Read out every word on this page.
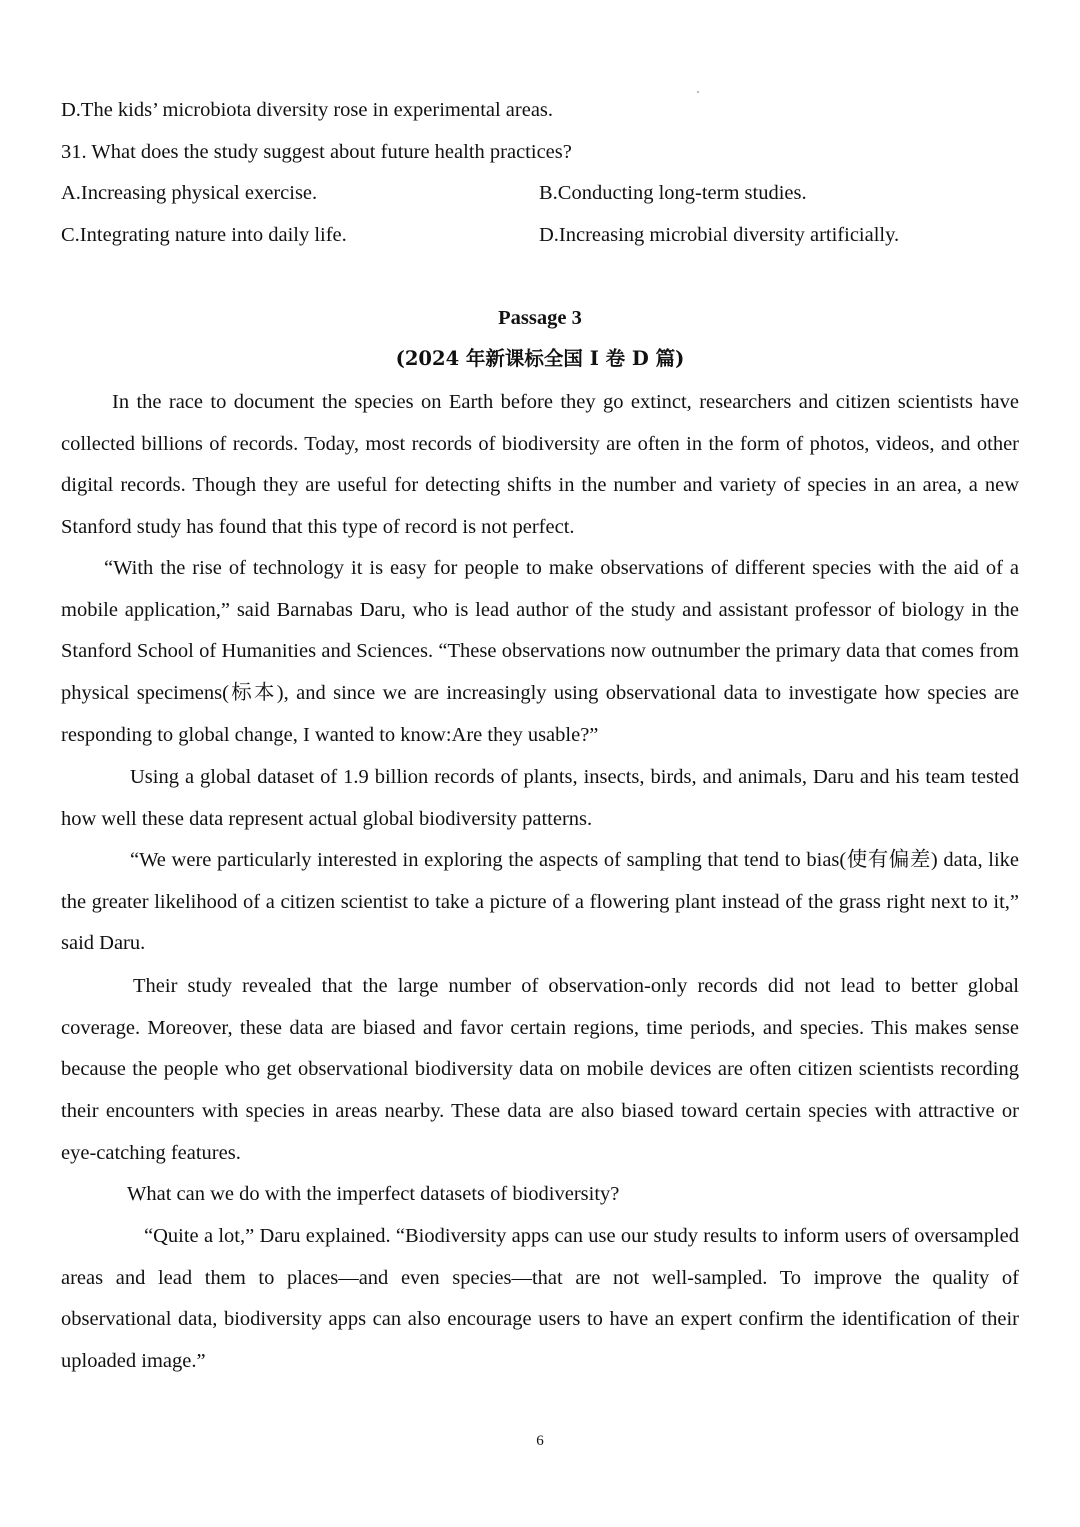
D.The kids’ microbiota diversity rose in experimental areas.
31. What does the study suggest about future health practices?
A.Increasing physical exercise.	B.Conducting long-term studies.
C.Integrating nature into daily life.	D.Increasing microbial diversity artificially.
Passage 3
(2024 年新课标全国 I 卷 D 篇)
In the race to document the species on Earth before they go extinct, researchers and citizen scientists have collected billions of records. Today, most records of biodiversity are often in the form of photos, videos, and other digital records. Though they are useful for detecting shifts in the number and variety of species in an area, a new Stanford study has found that this type of record is not perfect.
“With the rise of technology it is easy for people to make observations of different species with the aid of a mobile application,” said Barnabas Daru, who is lead author of the study and assistant professor of biology in the Stanford School of Humanities and Sciences. “These observations now outnumber the primary data that comes from physical specimens(标本), and since we are increasingly using observational data to investigate how species are responding to global change, I wanted to know:Are they usable?”
Using a global dataset of 1.9 billion records of plants, insects, birds, and animals, Daru and his team tested how well these data represent actual global biodiversity patterns.
“We were particularly interested in exploring the aspects of sampling that tend to bias(使有偏差) data, like the greater likelihood of a citizen scientist to take a picture of a flowering plant instead of the grass right next to it,” said Daru.
Their study revealed that the large number of observation-only records did not lead to better global coverage. Moreover, these data are biased and favor certain regions, time periods, and species. This makes sense because the people who get observational biodiversity data on mobile devices are often citizen scientists recording their encounters with species in areas nearby. These data are also biased toward certain species with attractive or eye-catching features.
What can we do with the imperfect datasets of biodiversity?
“Quite a lot,” Daru explained. “Biodiversity apps can use our study results to inform users of oversampled areas and lead them to places—and even species—that are not well-sampled. To improve the quality of observational data, biodiversity apps can also encourage users to have an expert confirm the identification of their uploaded image.”
6
